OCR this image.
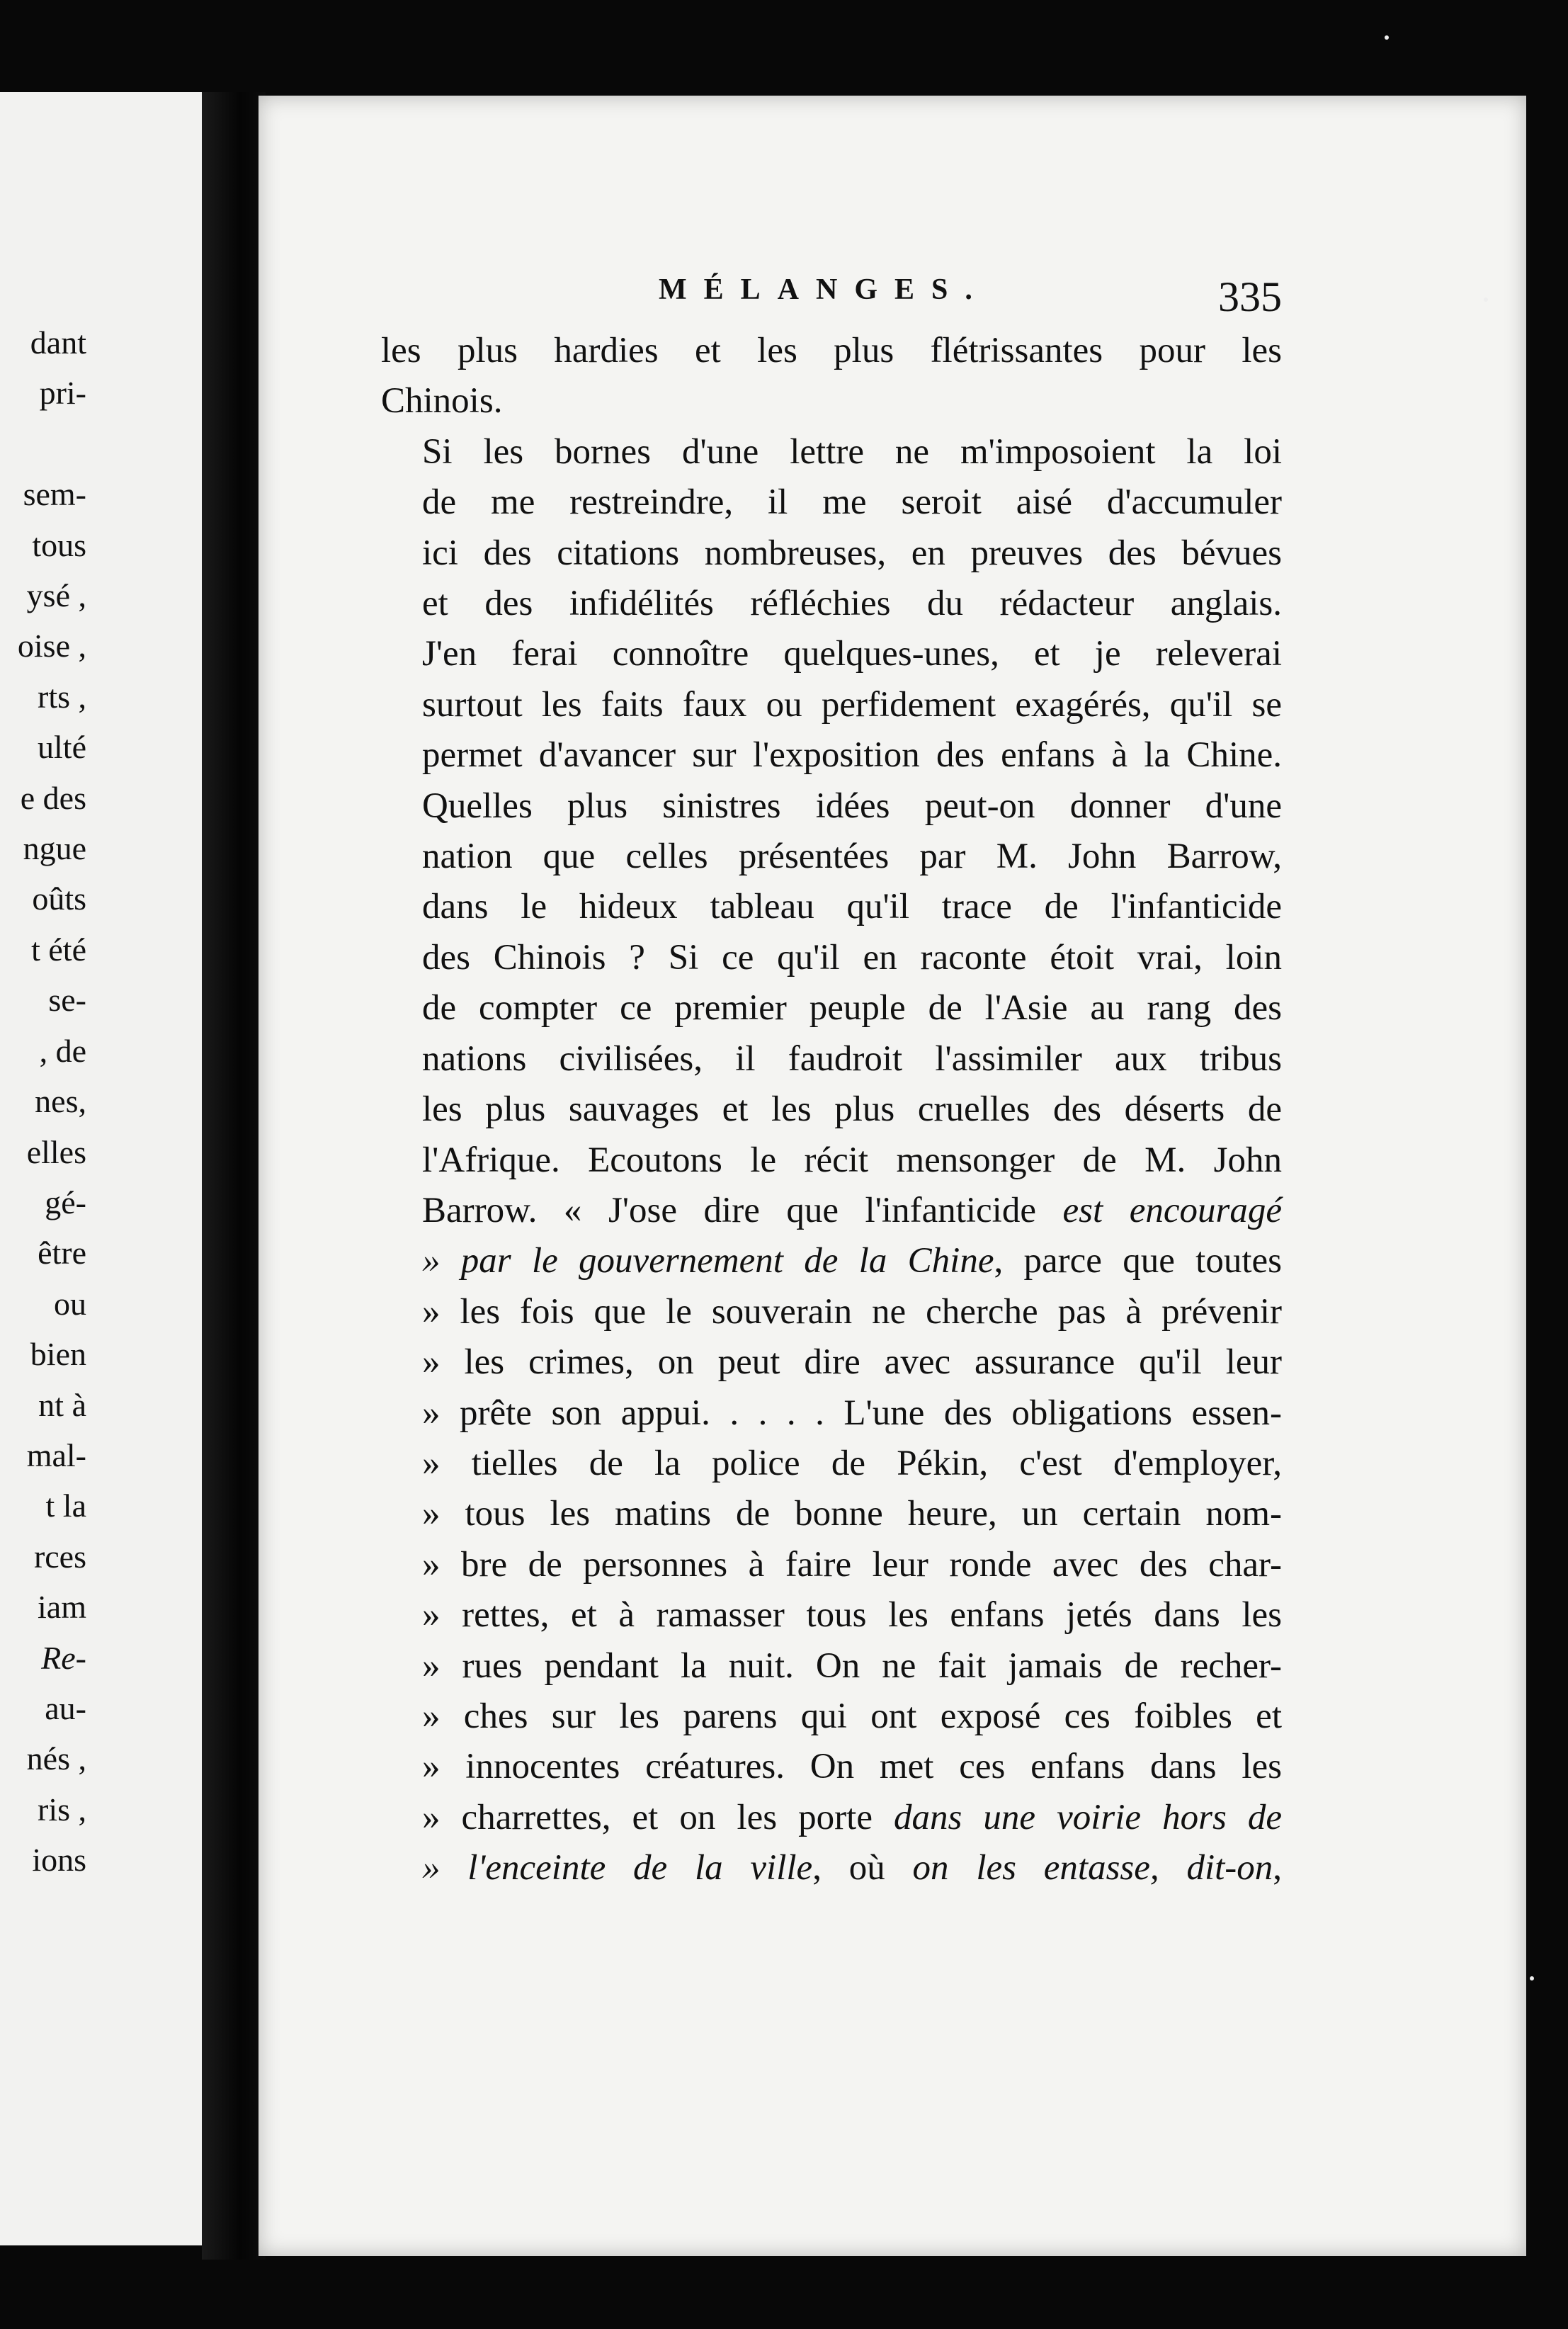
dant
pri-

sem-
tous
ysé ,
oise ,
rts ,
ulté
e des
ngue
oûts
t été
se-
, de
nes,
elles
gé-
être
ou
bien
nt à
mal-
t la
rces
iam
Re-
au-
nés ,
ris ,
ions
MÉLANGES.	335

les plus hardies et les plus flétrissantes pour les
Chinois.

Si les bornes d'une lettre ne m'imposoient la loi
de me restreindre, il me seroit aisé d'accumuler
ici des citations nombreuses, en preuves des bévues
et des infidélités réfléchies du rédacteur anglais.
J'en ferai connoître quelques-unes, et je releverai
surtout les faits faux ou perfidement exagérés, qu'il se
permet d'avancer sur l'exposition des enfans à la Chine.

Quelles plus sinistres idées peut-on donner d'une
nation que celles présentées par M. John Barrow,
dans le hideux tableau qu'il trace de l'infanticide
des Chinois ? Si ce qu'il en raconte étoit vrai, loin
de compter ce premier peuple de l'Asie au rang des
nations civilisées, il faudroit l'assimiler aux tribus
les plus sauvages et les plus cruelles des déserts de
l'Afrique. Ecoutons le récit mensonger de M. John
Barrow. « J'ose dire que l'infanticide est encouragé
» par le gouvernement de la Chine, parce que toutes
» les fois que le souverain ne cherche pas à prévenir
» les crimes, on peut dire avec assurance qu'il leur
» prête son appui. . . . . L'une des obligations essen-
» tielles de la police de Pékin, c'est d'employer,
» tous les matins de bonne heure, un certain nom-
» bre de personnes à faire leur ronde avec des char-
» rettes, et à ramasser tous les enfans jetés dans les
» rues pendant la nuit. On ne fait jamais de recher-
» ches sur les parens qui ont exposé ces foibles et
» innocentes créatures. On met ces enfans dans les
» charrettes, et on les porte dans une voirie hors de
» l'enceinte de la ville, où on les entasse, dit-on,
